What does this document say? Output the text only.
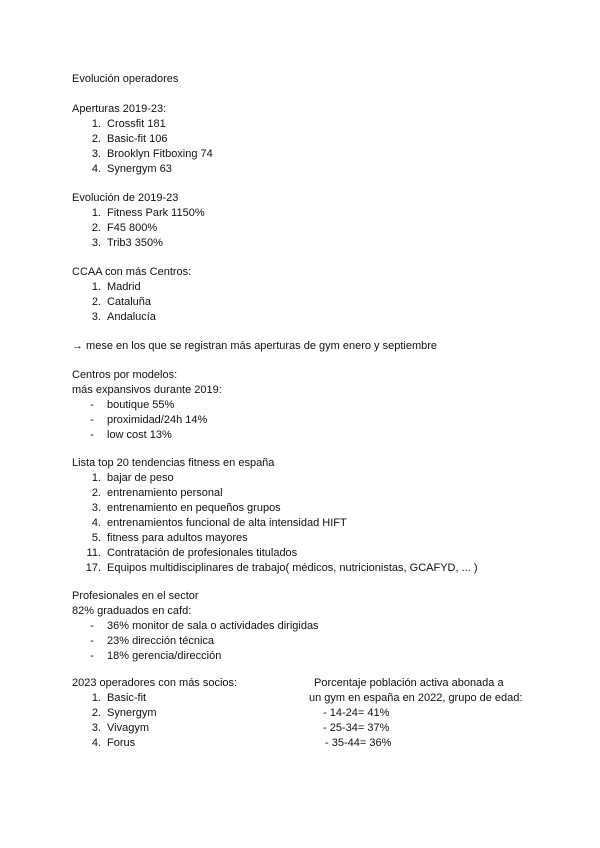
Evolución operadores
Aperturas 2019-23:
1. Crossfit 181
2. Basic-fit 106
3. Brooklyn Fitboxing 74
4. Synergym 63
Evolución de 2019-23
1. Fitness Park 1150%
2. F45 800%
3. Trib3 350%
CCAA con más Centros:
1. Madrid
2. Cataluña
3. Andalucía
→ mese en los que se registran más aperturas de gym enero y septiembre
Centros por modelos:
más expansivos durante 2019:
- boutique 55%
- proximidad/24h 14%
- low cost 13%
Lista top 20 tendencias fitness en españa
1. bajar de peso
2. entrenamiento personal
3. entrenamiento en pequeños grupos
4. entrenamientos funcional de alta intensidad HIFT
5. fitness para adultos mayores
11. Contratación de profesionales titulados
17. Equipos multidisciplinares de trabajo( médicos, nutricionistas, GCAFYD, ... )
Profesionales en el sector
82% graduados en cafd:
- 36% monitor de sala o actividades dirigidas
- 23% dirección técnica
- 18% gerencia/dirección
2023 operadores con más socios:
1. Basic-fit
2. Synergym
3. Vivagym
4. Forus
Porcentaje población activa abonada a
un gym en españa en 2022, grupo de edad:
- 14-24= 41%
- 25-34= 37%
- 35-44= 36%
